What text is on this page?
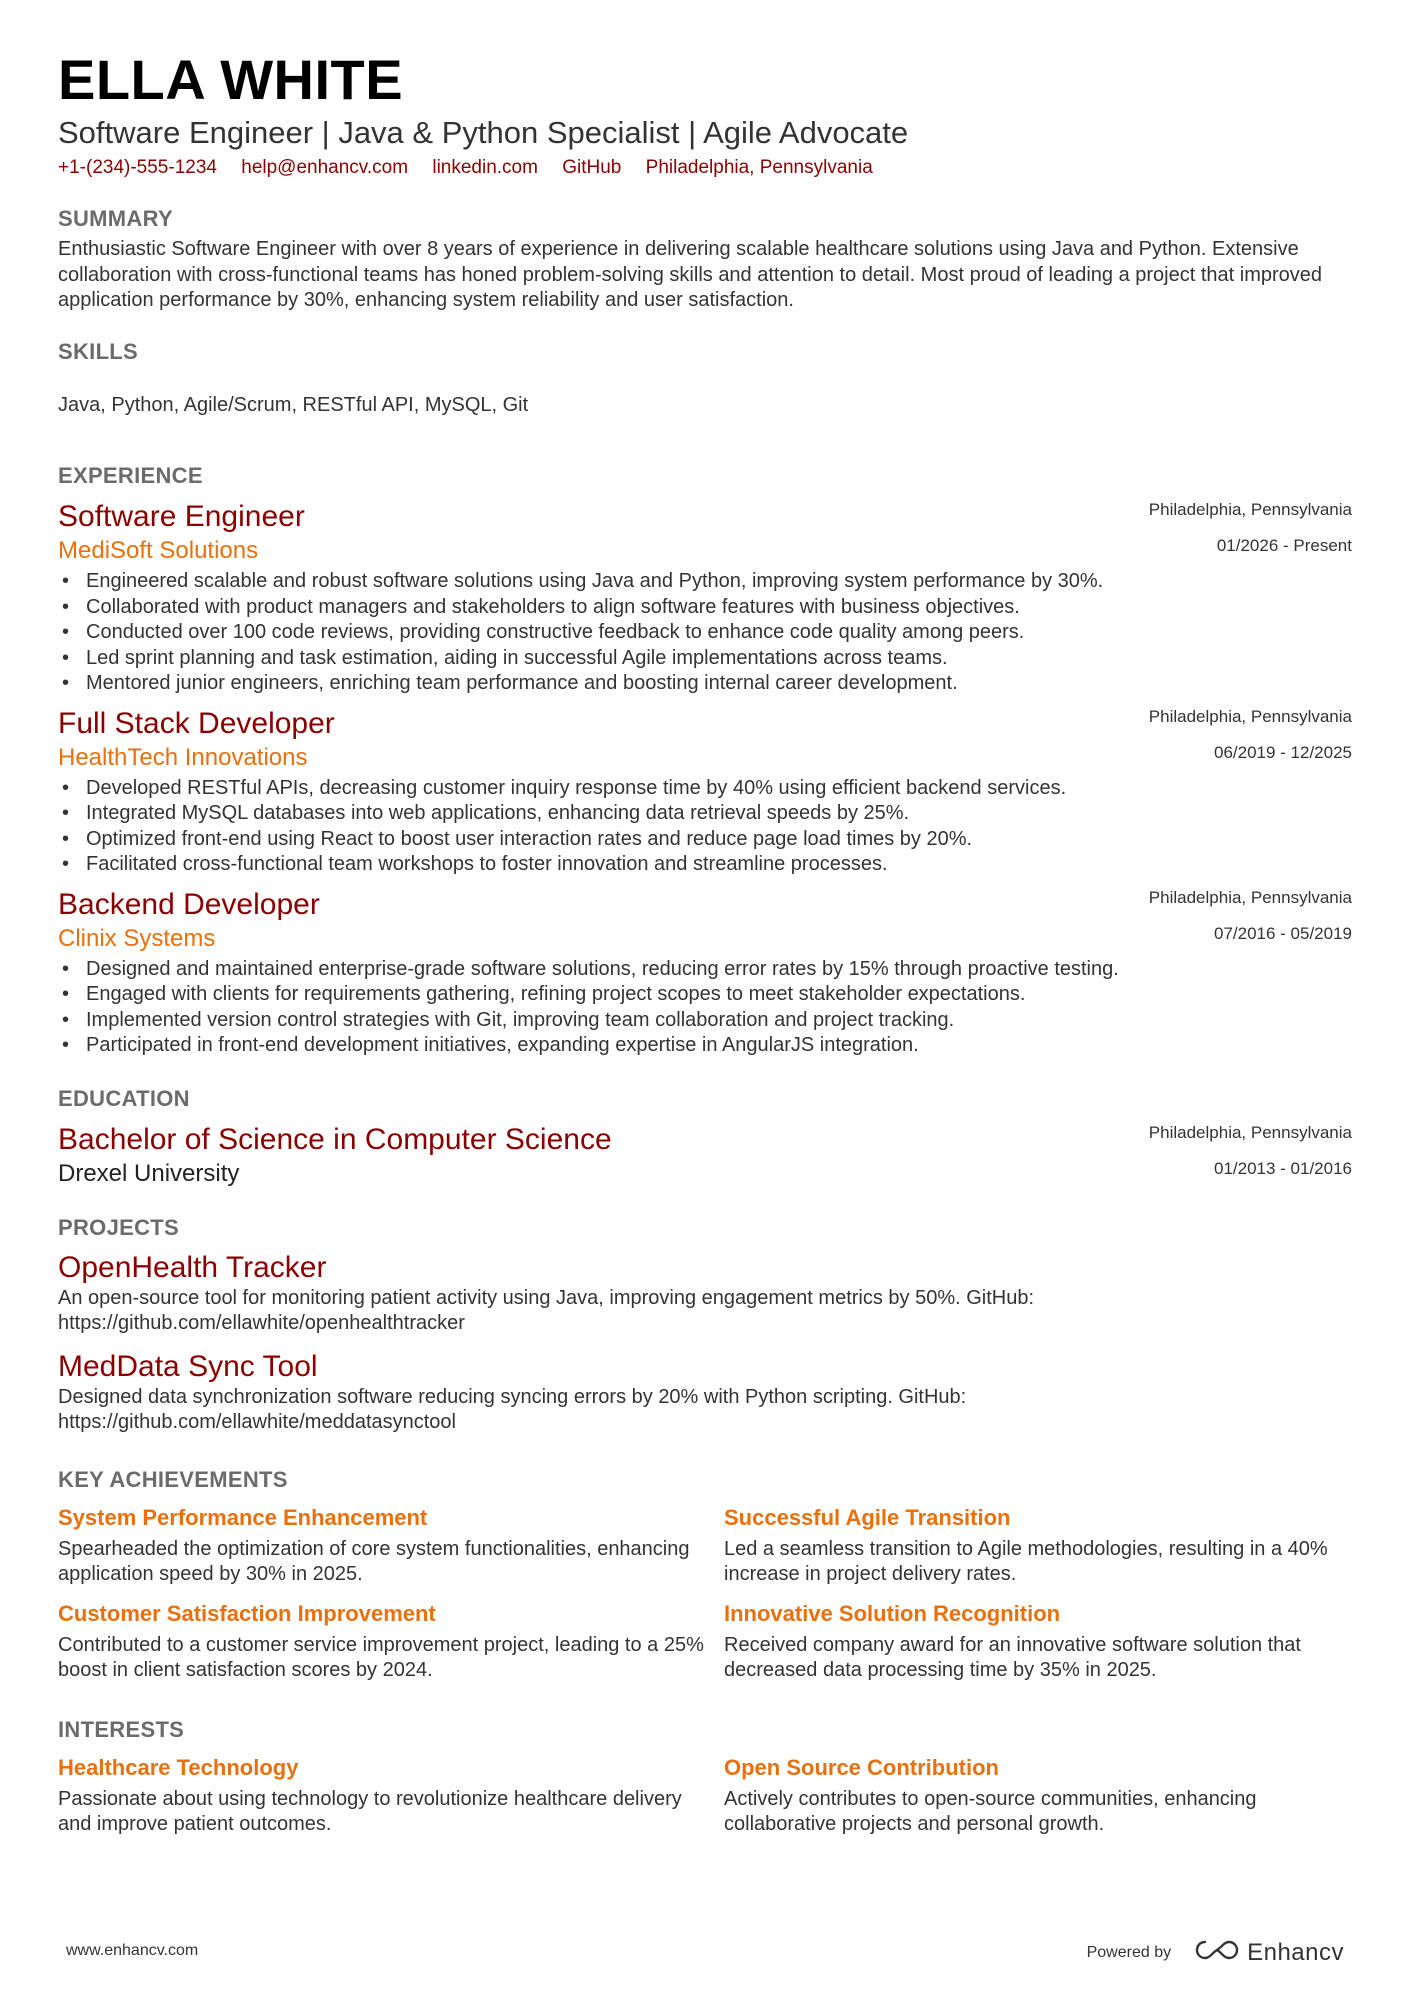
ELLA WHITE
Software Engineer | Java & Python Specialist | Agile Advocate
+1-(234)-555-1234 help@enhancv.com linkedin.com GitHub Philadelphia, Pennsylvania
SUMMARY
Enthusiastic Software Engineer with over 8 years of experience in delivering scalable healthcare solutions using Java and Python. Extensive collaboration with cross-functional teams has honed problem-solving skills and attention to detail. Most proud of leading a project that improved application performance by 30%, enhancing system reliability and user satisfaction.
SKILLS
Java, Python, Agile/Scrum, RESTful API, MySQL, Git
EXPERIENCE
Philadelphia, Pennsylvania
01/2026 - Present
Software Engineer
MediSoft Solutions
• Engineered scalable and robust software solutions using Java and Python, improving system performance by 30%.
• Collaborated with product managers and stakeholders to align software features with business objectives.
• Conducted over 100 code reviews, providing constructive feedback to enhance code quality among peers.
• Led sprint planning and task estimation, aiding in successful Agile implementations across teams.
• Mentored junior engineers, enriching team performance and boosting internal career development.
Philadelphia, Pennsylvania
06/2019 - 12/2025
Full Stack Developer
HealthTech Innovations
• Developed RESTful APIs, decreasing customer inquiry response time by 40% using efficient backend services.
• Integrated MySQL databases into web applications, enhancing data retrieval speeds by 25%.
• Optimized front-end using React to boost user interaction rates and reduce page load times by 20%.
• Facilitated cross-functional team workshops to foster innovation and streamline processes.
Philadelphia, Pennsylvania
07/2016 - 05/2019
Backend Developer
Clinix Systems
• Designed and maintained enterprise-grade software solutions, reducing error rates by 15% through proactive testing.
• Engaged with clients for requirements gathering, refining project scopes to meet stakeholder expectations.
• Implemented version control strategies with Git, improving team collaboration and project tracking.
• Participated in front-end development initiatives, expanding expertise in AngularJS integration.
EDUCATION
Philadelphia, Pennsylvania
01/2013 - 01/2016
Bachelor of Science in Computer Science
Drexel University
PROJECTS
OpenHealth Tracker
An open-source tool for monitoring patient activity using Java, improving engagement metrics by 50%. GitHub: https://github.com/ellawhite/openhealthtracker
MedData Sync Tool
Designed data synchronization software reducing syncing errors by 20% with Python scripting. GitHub: https://github.com/ellawhite/meddatasynctool
KEY ACHIEVEMENTS
System Performance Enhancement
Spearheaded the optimization of core system functionalities, enhancing application speed by 30% in 2025.
Successful Agile Transition
Led a seamless transition to Agile methodologies, resulting in a 40% increase in project delivery rates.
Customer Satisfaction Improvement
Contributed to a customer service improvement project, leading to a 25% boost in client satisfaction scores by 2024.
Innovative Solution Recognition
Received company award for an innovative software solution that decreased data processing time by 35% in 2025.
INTERESTS
Healthcare Technology
Passionate about using technology to revolutionize healthcare delivery and improve patient outcomes.
Open Source Contribution
Actively contributes to open-source communities, enhancing collaborative projects and personal growth.
www.enhancv.com	Powered by	Enhancv
